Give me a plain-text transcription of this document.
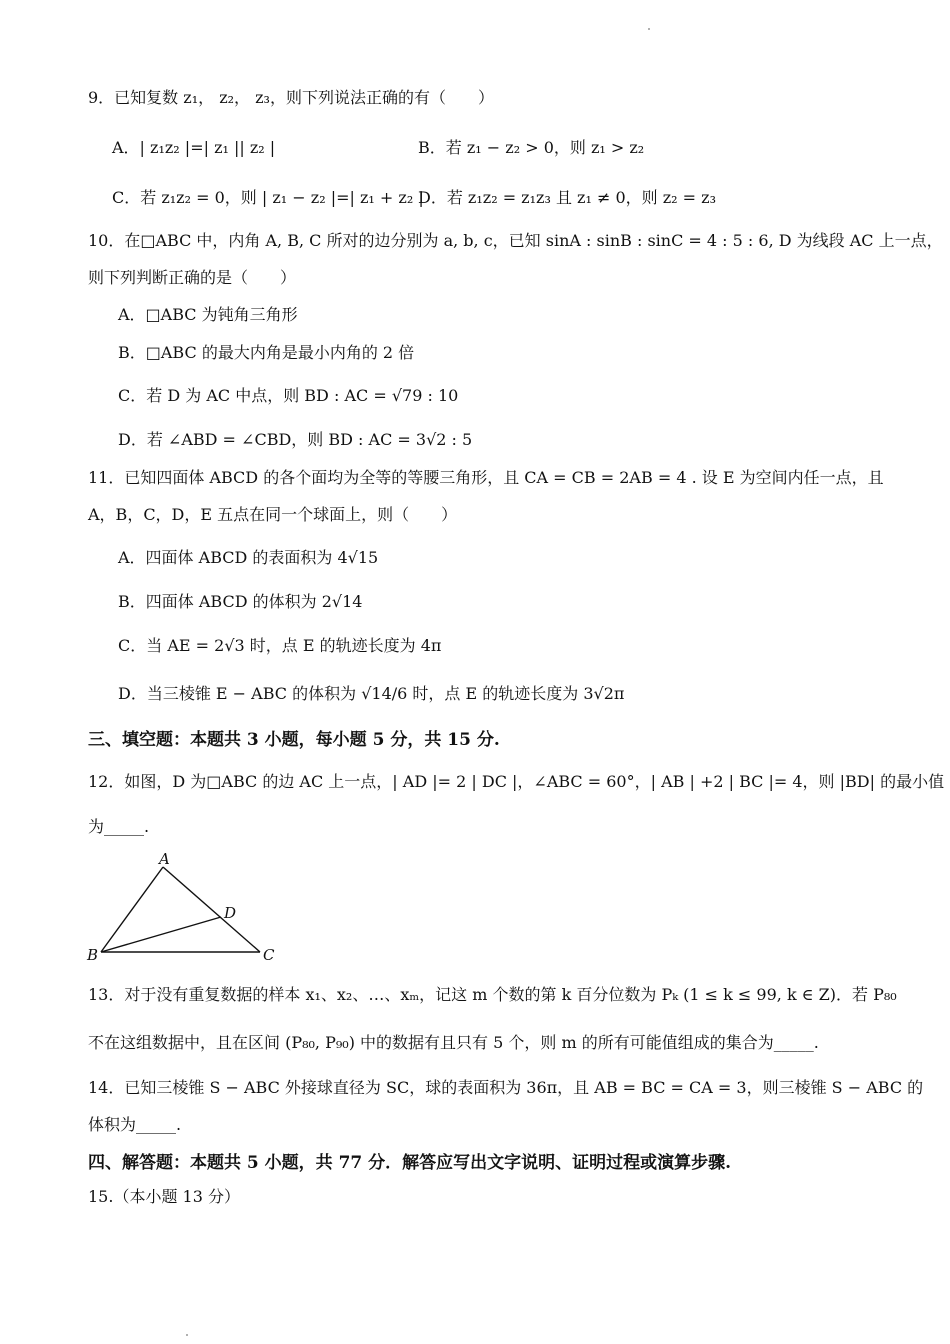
9．已知复数 z₁， z₂， z₃，则下列说法正确的有（　　）
A．| z₁z₂ |=| z₁ || z₂ |	B．若 z₁ − z₂ > 0，则 z₁ > z₂
C．若 z₁z₂ = 0，则 | z₁ − z₂ |=| z₁ + z₂ |
D．若 z₁z₂ = z₁z₃ 且 z₁ ≠ 0，则 z₂ = z₃
10．在□ABC 中，内角 A, B, C 所对的边分别为 a, b, c，已知 sinA : sinB : sinC = 4 : 5 : 6, D 为线段 AC 上一点，
则下列判断正确的是（　　）
A．□ABC 为钝角三角形
B．□ABC 的最大内角是最小内角的 2 倍
C．若 D 为 AC 中点，则 BD : AC = √79 : 10
D．若 ∠ABD = ∠CBD，则 BD : AC = 3√2 : 5
11．已知四面体 ABCD 的各个面均为全等的等腰三角形，且 CA = CB = 2AB = 4 . 设 E 为空间内任一点，且
A，B，C，D，E 五点在同一个球面上，则（　　）
A．四面体 ABCD 的表面积为 4√15
B．四面体 ABCD 的体积为 2√14
C．当 AE = 2√3 时，点 E 的轨迹长度为 4π
D．当三棱锥 E − ABC 的体积为 √14/6 时，点 E 的轨迹长度为 3√2π
三、填空题：本题共 3 小题，每小题 5 分，共 15 分.
12．如图，D 为□ABC 的边 AC 上一点，| AD |= 2 | DC |，∠ABC = 60°，| AB | +2 | BC |= 4，则 |BD| 的最小值
为_____.
A
B	C
D
13．对于没有重复数据的样本 x₁、x₂、…、xₘ，记这 m 个数的第 k 百分位数为 Pₖ (1 ≤ k ≤ 99, k ∈ Z)．若 P₈₀
不在这组数据中，且在区间 (P₈₀, P₉₀) 中的数据有且只有 5 个，则 m 的所有可能值组成的集合为_____.
14．已知三棱锥 S − ABC 外接球直径为 SC，球的表面积为 36π，且 AB = BC = CA = 3，则三棱锥 S − ABC 的
体积为_____.
四、解答题：本题共 5 小题，共 77 分．解答应写出文字说明、证明过程或演算步骤.
15.（本小题 13 分）
